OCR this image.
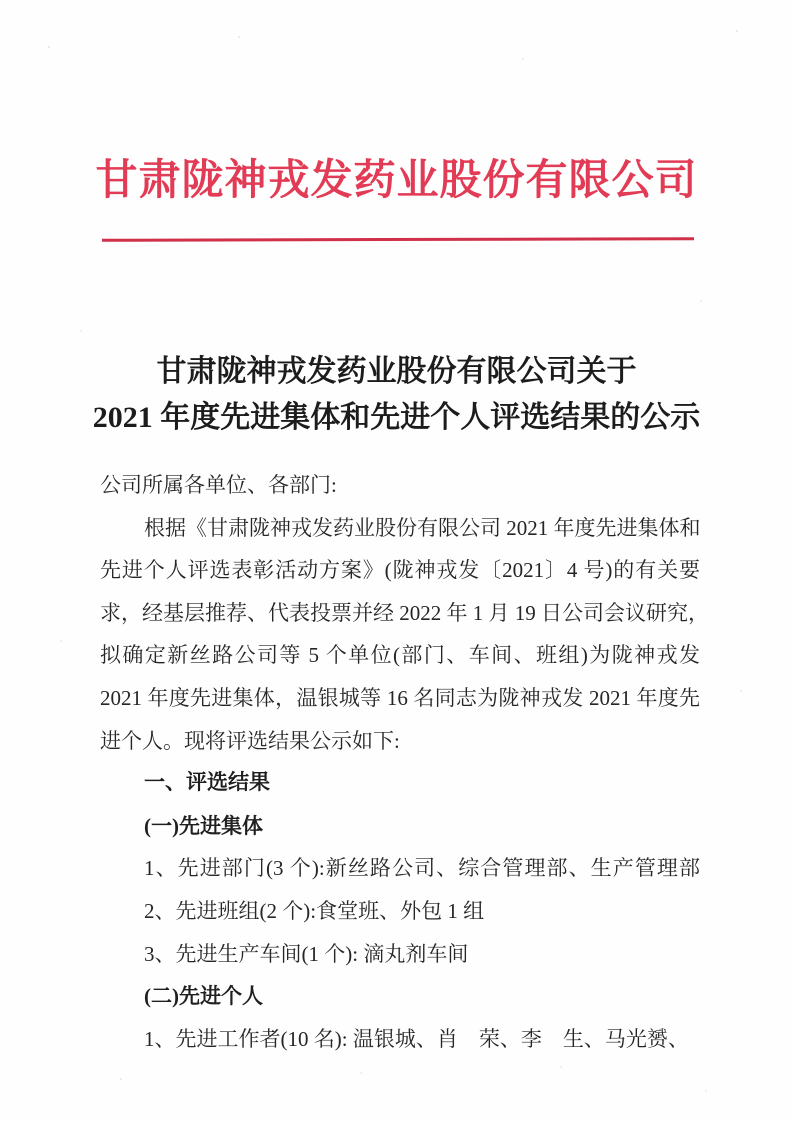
甘肃陇神戎发药业股份有限公司
甘肃陇神戎发药业股份有限公司关于
2021 年度先进集体和先进个人评选结果的公示
公司所属各单位、各部门:
根据《甘肃陇神戎发药业股份有限公司 2021 年度先进集体和
先进个人评选表彰活动方案》(陇神戎发〔2021〕4 号)的有关要
求，经基层推荐、代表投票并经 2022 年 1 月 19 日公司会议研究，
拟确定新丝路公司等 5 个单位(部门、车间、班组)为陇神戎发
2021 年度先进集体，温银城等 16 名同志为陇神戎发 2021 年度先
进个人。现将评选结果公示如下:
一、评选结果
(一)先进集体
1、先进部门(3 个):新丝路公司、综合管理部、生产管理部
2、先进班组(2 个):食堂班、外包 1 组
3、先进生产车间(1 个): 滴丸剂车间
(二)先进个人
1、先进工作者(10 名): 温银城、肖　荣、李　生、马光赟、
